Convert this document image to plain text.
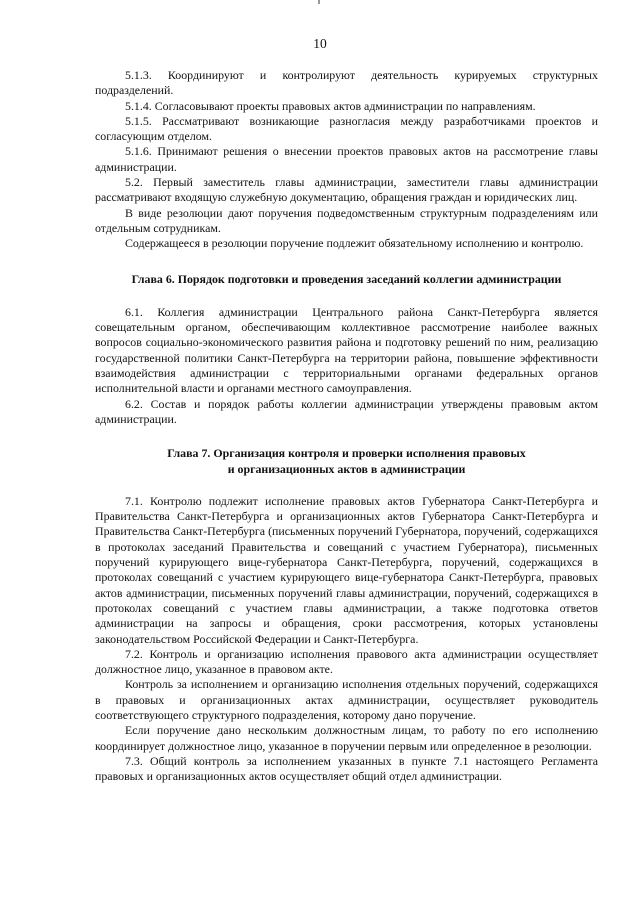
10

5.1.3. Координируют и контролируют деятельность курируемых структурных подразделений.

5.1.4. Согласовывают проекты правовых актов администрации по направлениям.

5.1.5. Рассматривают возникающие разногласия между разработчиками проектов и согласующим отделом.

5.1.6. Принимают решения о внесении проектов правовых актов на рассмотрение главы администрации.

5.2. Первый заместитель главы администрации, заместители главы администрации рассматривают входящую служебную документацию, обращения граждан и юридических лиц.

В виде резолюции дают поручения подведомственным структурным подразделениям или отдельным сотрудникам.

Содержащееся в резолюции поручение подлежит обязательному исполнению и контролю.

Глава 6. Порядок подготовки и проведения заседаний коллегии администрации

6.1. Коллегия администрации Центрального района Санкт-Петербурга является совещательным органом, обеспечивающим коллективное рассмотрение наиболее важных вопросов социально-экономического развития района и подготовку решений по ним, реализацию государственной политики Санкт-Петербурга на территории района, повышение эффективности взаимодействия администрации с территориальными органами федеральных органов исполнительной власти и органами местного самоуправления.

6.2. Состав и порядок работы коллегии администрации утверждены правовым актом администрации.

Глава 7. Организация контроля и проверки исполнения правовых

и организационных актов в администрации

7.1. Контролю подлежит исполнение правовых актов Губернатора Санкт-Петербурга и Правительства Санкт-Петербурга и организационных актов Губернатора Санкт-Петербурга и Правительства Санкт-Петербурга (письменных поручений Губернатора, поручений, содержащихся в протоколах заседаний Правительства и совещаний с участием Губернатора), письменных поручений курирующего вице-губернатора Санкт-Петербурга, поручений, содержащихся в протоколах совещаний с участием курирующего вице-губернатора Санкт-Петербурга, правовых актов администрации, письменных поручений главы администрации, поручений, содержащихся в протоколах совещаний с участием главы администрации, а также подготовка ответов администрации на запросы и обращения, сроки рассмотрения, которых установлены законодательством Российской Федерации и Санкт-Петербурга.

7.2. Контроль и организацию исполнения правового акта администрации осуществляет должностное лицо, указанное в правовом акте.

Контроль за исполнением и организацию исполнения отдельных поручений, содержащихся в правовых и организационных актах администрации, осуществляет руководитель соответствующего структурного подразделения, которому дано поручение.

Если поручение дано нескольким должностным лицам, то работу по его исполнению координирует должностное лицо, указанное в поручении первым или определенное в резолюции.

7.3. Общий контроль за исполнением указанных в пункте 7.1 настоящего Регламента правовых и организационных актов осуществляет общий отдел администрации.
